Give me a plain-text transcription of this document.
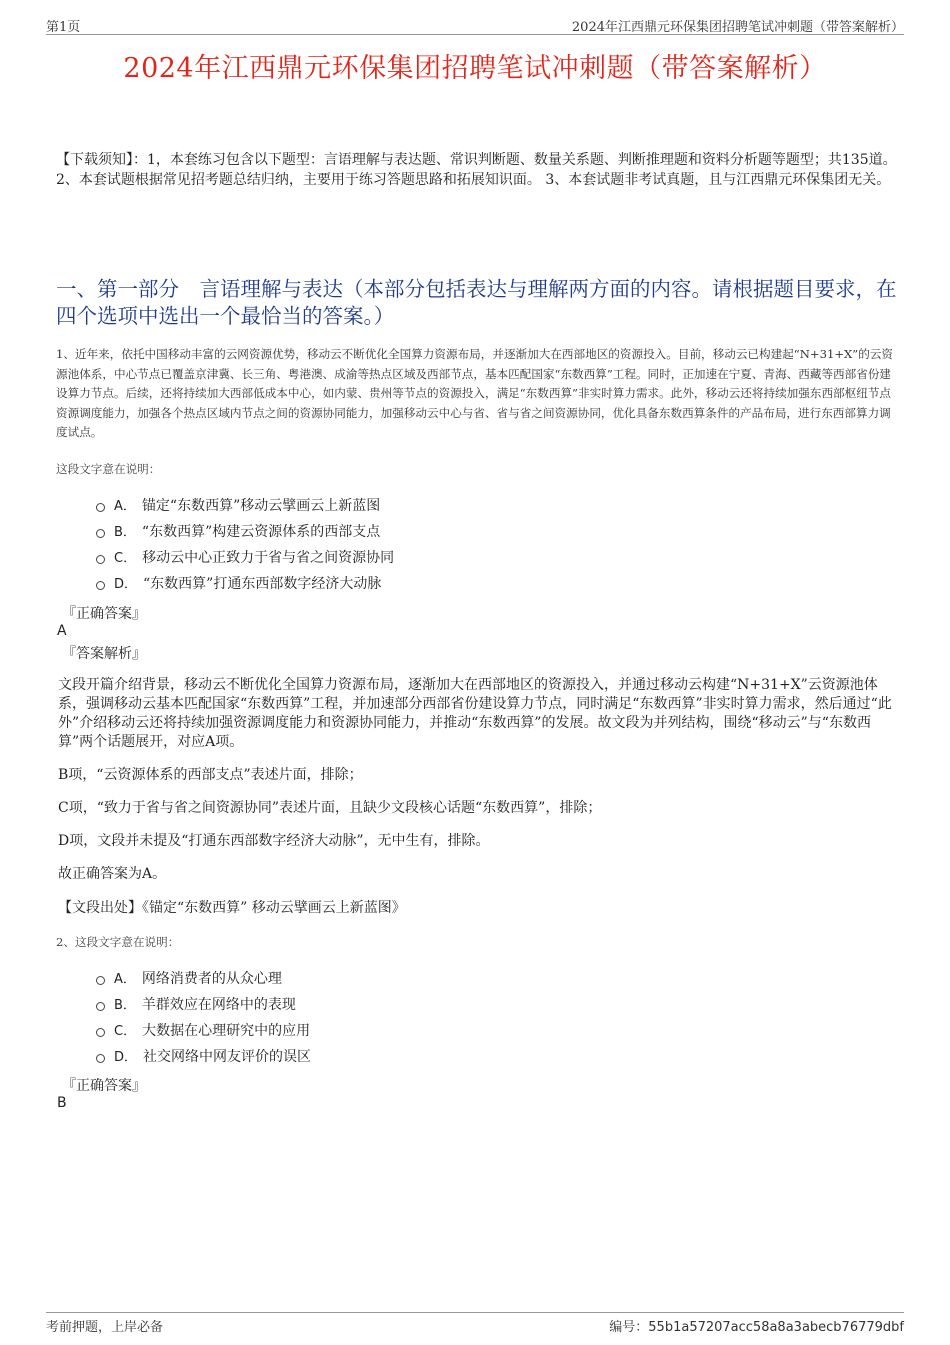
第1页	2024年江西鼎元环保集团招聘笔试冲刺题（带答案解析）
2024年江西鼎元环保集团招聘笔试冲刺题（带答案解析）
【下载须知】：1，本套练习包含以下题型：言语理解与表达题、常识判断题、数量关系题、判断推理题和资料分析题等题型；共135道。 2、本套试题根据常见招考题总结归纳，主要用于练习答题思路和拓展知识面。 3、本套试题非考试真题，且与江西鼎元环保集团无关。
一、第一部分　言语理解与表达（本部分包括表达与理解两方面的内容。请根据题目要求，在四个选项中选出一个最恰当的答案。）
1、近年来，依托中国移动丰富的云网资源优势，移动云不断优化全国算力资源布局，并逐渐加大在西部地区的资源投入。目前，移动云已构建起“N+31+X”的云资源池体系，中心节点已覆盖京津冀、长三角、粤港澳、成渝等热点区域及西部节点，基本匹配国家“东数西算”工程。同时，正加速在宁夏、青海、西藏等西部省份建设算力节点。后续，还将持续加大西部低成本中心，如内蒙、贵州等节点的资源投入，满足“东数西算”非实时算力需求。此外，移动云还将持续加强东西部枢纽节点资源调度能力，加强各个热点区域内节点之间的资源协同能力，加强移动云中心与省、省与省之间资源协同，优化具备东数西算条件的产品布局，进行东西部算力调度试点。
这段文字意在说明：
A． 锚定“东数西算”移动云擘画云上新蓝图
B． “东数西算”构建云资源体系的西部支点
C． 移动云中心正致力于省与省之间资源协同
D． “东数西算”打通东西部数字经济大动脉
『正确答案』
A
『答案解析』
文段开篇介绍背景，移动云不断优化全国算力资源布局，逐渐加大在西部地区的资源投入，并通过移动云构建“N+31+X”云资源池体系，强调移动云基本匹配国家“东数西算”工程，并加速部分西部省份建设算力节点，同时满足“东数西算”非实时算力需求，然后通过“此外”介绍移动云还将持续加强资源调度能力和资源协同能力，并推动“东数西算”的发展。故文段为并列结构，围绕“移动云”与“东数西算”两个话题展开，对应A项。
B项，“云资源体系的西部支点”表述片面，排除；
C项，“致力于省与省之间资源协同”表述片面，且缺少文段核心话题“东数西算”，排除；
D项，文段并未提及“打通东西部数字经济大动脉”，无中生有，排除。
故正确答案为A。
【文段出处】《锚定“东数西算” 移动云擘画云上新蓝图》
2、这段文字意在说明：
A． 网络消费者的从众心理
B． 羊群效应在网络中的表现
C． 大数据在心理研究中的应用
D． 社交网络中网友评价的误区
『正确答案』
B
考前押题，上岸必备	编号：55b1a57207acc58a8a3abecb76779dbf
